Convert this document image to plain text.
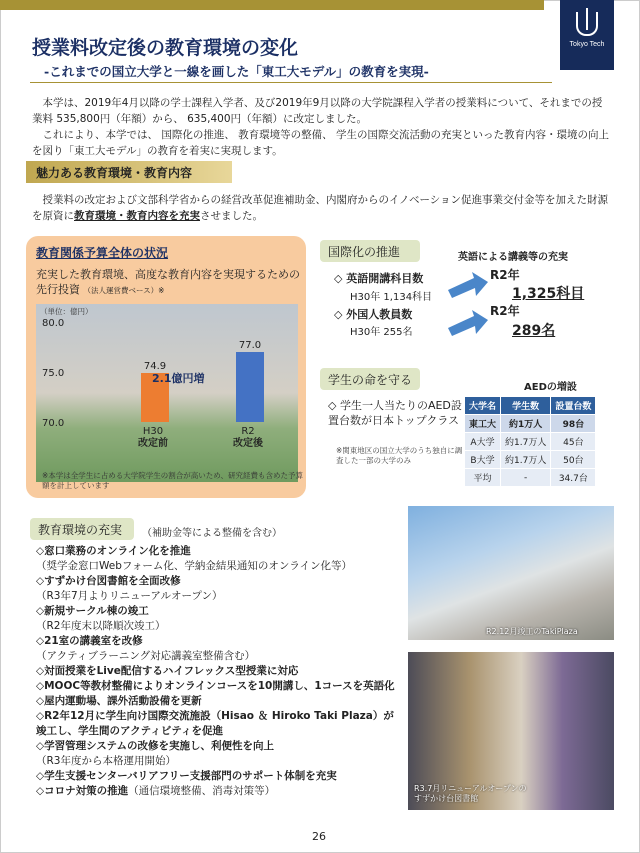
Tokyo Tech
授業料改定後の教育環境の変化
-これまでの国立大学と一線を画した「東工大モデル」の教育を実現-

本学は、2019年4月以降の学士課程入学者、及び2019年9月以降の大学院課程入学者の授業料について、それまでの授業料 535,800円（年額）から、 635,400円（年額）に改定しました。

これにより、本学では、 国際化の推進、 教育環境等の整備、 学生の国際交流活動の充実といった教育内容・環境の向上を図り「東工大モデル」の教育を着実に実現します。

魅力ある教育環境・教育内容
 授業料の改定および文部科学省からの経営改革促進補助金、内閣府からのイノベーション促進事業交付金等を加えた財源を原資に教育環境・教育内容を充実させました。
教育関係予算全体の状況
充実した教育環境、高度な教育内容を実現するための先行投資 （法人運営費ベース）※
（単位：億円）
70.0
75.0
80.0
74.9
H30
改定前
77.0
R2
改定後
2.1億円増
※本学は全学生に占める大学院学生の割合が高いため、研究経費も含めた予算額を計上しています
国際化の推進	英語による講義等の充実
◇ 英語開講科目数
H30年 1,134科目
R2年
1,325科目
◇ 外国人教員数
H30年 255名
R2年
289名
学生の命を守る
AEDの増設
◇ 学生一人当たりのAED設置台数が日本トップクラス
※関東地区の国立大学のうち独自に調査した一部の大学のみ
大学名	学生数	設置台数
東工大	約1万人	98台
A大学	約1.7万人	45台
B大学	約1.7万人	50台
平均	-	34.7台
教育環境の充実	（補助金等による整備を含む）
◇窓口業務のオンライン化を推進
（奨学金窓口Webフォーム化、学納金結果通知のオンライン化等）
◇すずかけ台図書館を全面改修
（R3年7月よりリニューアルオープン）
◇新規サークル棟の竣工
（R2年度末以降順次竣工）
◇21室の講義室を改修
（アクティブラーニング対応講義室整備含む）
◇対面授業をLive配信するハイフレックス型授業に対応
◇MOOC等教材整備によりオンラインコースを10開講し、1コースを英語化
◇屋内運動場、課外活動設備を更新
◇R2年12月に学生向け国際交流施設（Hisao ＆ Hiroko Taki Plaza）が竣工し、学生間のアクティビティを促進
◇学習管理システムの改修を実施し、利便性を向上
（R3年度から本格運用開始）
◇学生支援センターバリアフリー支援部門のサポート体制を充実
◇コロナ対策の推進（通信環境整備、消毒対策等）
R2.12月竣工のTakiPlaza
R3.7月リニューアルオープンのすずかけ台図書館
26
